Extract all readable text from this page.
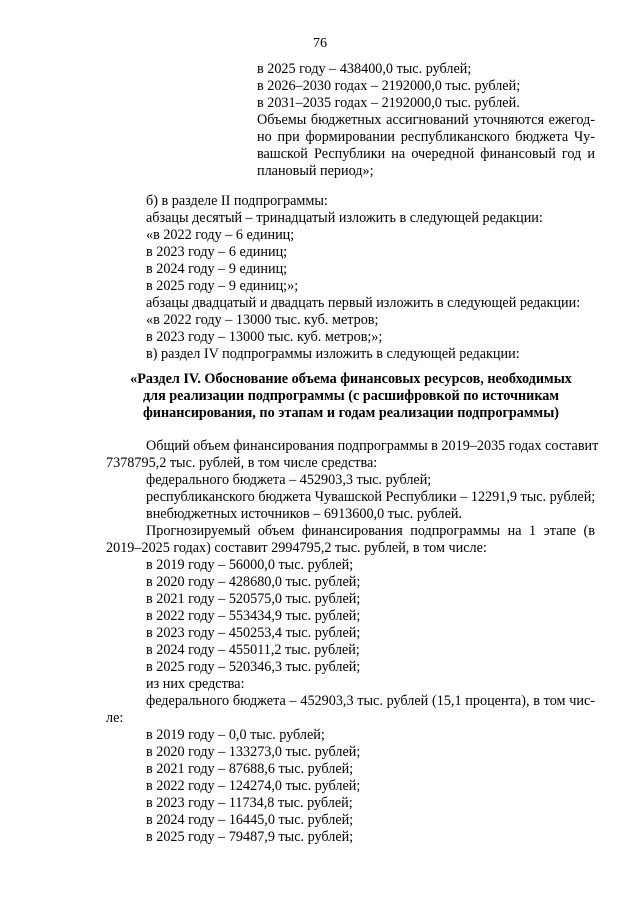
76
в 2025 году – 438400,0 тыс. рублей;
в 2026–2030 годах – 2192000,0 тыс. рублей;
в 2031–2035 годах – 2192000,0 тыс. рублей.
Объемы бюджетных ассигнований уточняются ежегод-
но при формировании республиканского бюджета Чу-
вашской Республики на очередной финансовый год и
плановый период»;
б) в разделе II подпрограммы:
абзацы десятый – тринадцатый изложить в следующей редакции:
«в 2022 году – 6 единиц;
в 2023 году – 6 единиц;
в 2024 году – 9 единиц;
в 2025 году – 9 единиц;»;
абзацы двадцатый и двадцать первый изложить в следующей редакции:
«в 2022 году – 13000 тыс. куб. метров;
в 2023 году – 13000 тыс. куб. метров;»;
в) раздел IV подпрограммы изложить в следующей редакции:
«Раздел IV. Обоснование объема финансовых ресурсов, необходимых
для реализации подпрограммы (с расшифровкой по источникам
финансирования, по этапам и годам реализации подпрограммы)
Общий объем финансирования подпрограммы в 2019–2035 годах составит
7378795,2 тыс. рублей, в том числе средства:
федерального бюджета – 452903,3 тыс. рублей;
республиканского бюджета Чувашской Республики – 12291,9 тыс. рублей;
внебюджетных источников – 6913600,0 тыс. рублей.
Прогнозируемый объем финансирования подпрограммы на 1 этапе (в
2019–2025 годах) составит 2994795,2 тыс. рублей, в том числе:
в 2019 году – 56000,0 тыс. рублей;
в 2020 году – 428680,0 тыс. рублей;
в 2021 году – 520575,0 тыс. рублей;
в 2022 году – 553434,9 тыс. рублей;
в 2023 году – 450253,4 тыс. рублей;
в 2024 году – 455011,2 тыс. рублей;
в 2025 году – 520346,3 тыс. рублей;
из них средства:
федерального бюджета – 452903,3 тыс. рублей (15,1 процента), в том чис-
ле:
в 2019 году – 0,0 тыс. рублей;
в 2020 году – 133273,0 тыс. рублей;
в 2021 году – 87688,6 тыс. рублей;
в 2022 году – 124274,0 тыс. рублей;
в 2023 году – 11734,8 тыс. рублей;
в 2024 году – 16445,0 тыс. рублей;
в 2025 году – 79487,9 тыс. рублей;
